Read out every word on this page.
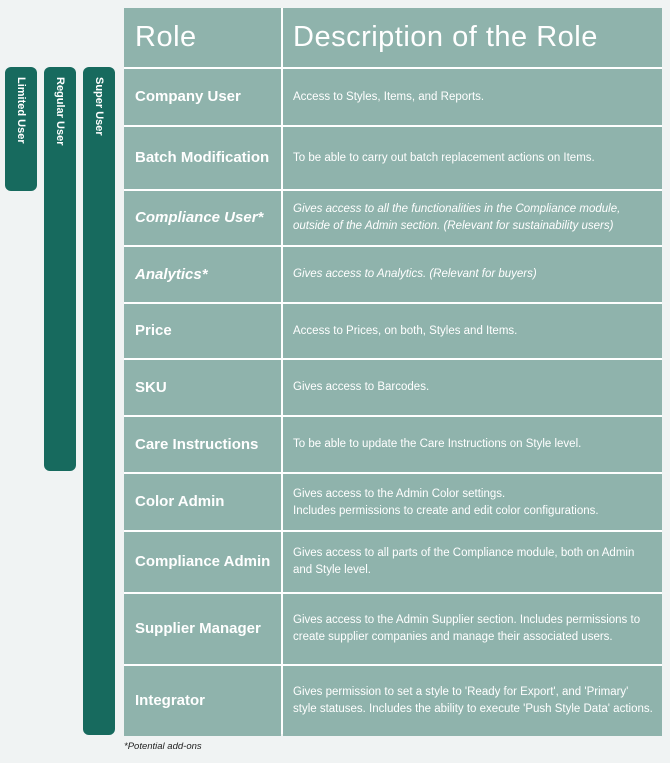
Limited User	Regular User	Super User
Role	Description of the Role
Company User	Access to Styles, Items, and Reports.
Batch Modification	To be able to carry out batch replacement actions on Items.
Compliance User*	Gives access to all the functionalities in the Compliance module, outside of the Admin section. (Relevant for sustainability users)
Analytics*	Gives access to Analytics. (Relevant for buyers)
Price	Access to Prices, on both, Styles and Items.
SKU	Gives access to Barcodes.
Care Instructions	To be able to update the Care Instructions on Style level.
Color Admin	Gives access to the Admin Color settings.
Includes permissions to create and edit color configurations.
Compliance Admin	Gives access to all parts of the Compliance module, both on Admin and Style level.
Supplier Manager	Gives access to the Admin Supplier section. Includes permissions to create supplier companies and manage their associated users.
Integrator	Gives permission to set a style to 'Ready for Export', and 'Primary' style statuses. Includes the ability to execute 'Push Style Data' actions.
*Potential add-ons
